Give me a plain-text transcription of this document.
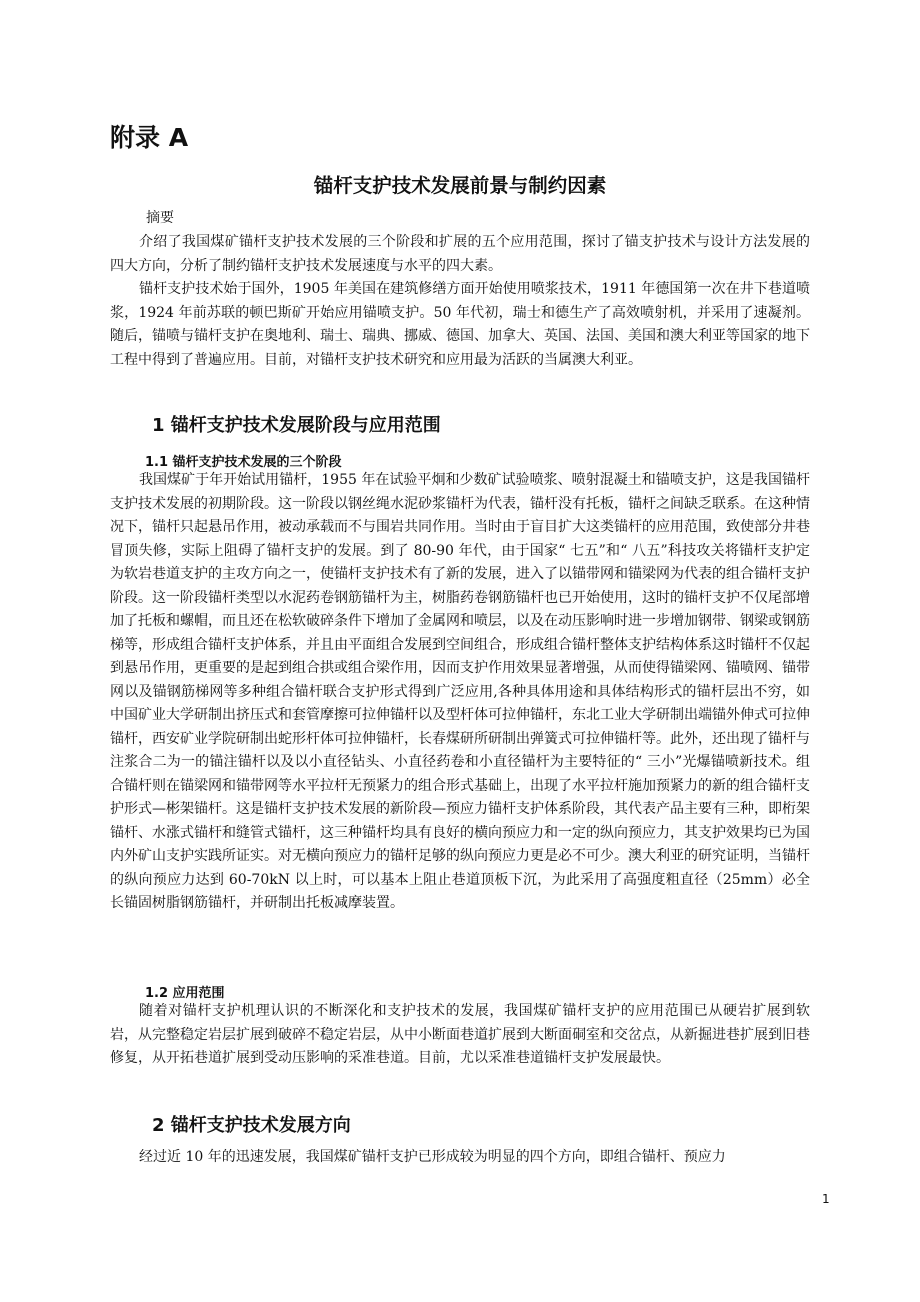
附录 A
锚杆支护技术发展前景与制约因素

摘要

介绍了我国煤矿锚杆支护技术发展的三个阶段和扩展的五个应用范围，探讨了锚支护技术与设计方法发展的四大方向，分析了制约锚杆支护技术发展速度与水平的四大素。

锚杆支护技术始于国外，1905 年美国在建筑修缮方面开始使用喷浆技术，1911 年德国第一次在井下巷道喷浆，1924 年前苏联的顿巴斯矿开始应用锚喷支护。50 年代初，瑞士和德生产了高效喷射机，并采用了速凝剂。随后，锚喷与锚杆支护在奥地利、瑞士、瑞典、挪威、德国、加拿大、英国、法国、美国和澳大利亚等国家的地下工程中得到了普遍应用。目前，对锚杆支护技术研究和应用最为活跃的当属澳大利亚。

1 锚杆支护技术发展阶段与应用范围
1.1 锚杆支护技术发展的三个阶段

我国煤矿于年开始试用锚杆，1955 年在试验平炯和少数矿试验喷浆、喷射混凝土和锚喷支护，这是我国锚杆支护技术发展的初期阶段。这一阶段以钢丝绳水泥砂浆锚杆为代表，锚杆没有托板，锚杆之间缺乏联系。在这种情况下，锚杆只起悬吊作用，被动承载而不与围岩共同作用。当时由于盲目扩大这类锚杆的应用范围，致使部分井巷冒顶失修，实际上阻碍了锚杆支护的发展。到了 80-90 年代，由于国家“ 七五”和“ 八五”科技攻关将锚杆支护定为软岩巷道支护的主攻方向之一，使锚杆支护技术有了新的发展，进入了以锚带网和锚梁网为代表的组合锚杆支护阶段。这一阶段锚杆类型以水泥药卷钢筋锚杆为主，树脂药卷钢筋锚杆也已开始使用，这时的锚杆支护不仅尾部增加了托板和螺帽，而且还在松软破碎条件下增加了金属网和喷层，以及在动压影响时进一步增加钢带、钢梁或钢筋梯等，形成组合锚杆支护体系，并且由平面组合发展到空间组合，形成组合锚杆整体支护结构体系这时锚杆不仅起到悬吊作用，更重要的是起到组合拱或组合梁作用，因而支护作用效果显著增强，从而使得锚梁网、锚喷网、锚带网以及锚钢筋梯网等多种组合锚杆联合支护形式得到广泛应用,各种具体用途和具体结构形式的锚杆层出不穷，如中国矿业大学研制出挤压式和套管摩擦可拉伸锚杆以及型杆体可拉伸锚杆，东北工业大学研制出端锚外伸式可拉伸锚杆，西安矿业学院研制出蛇形杆体可拉伸锚杆，长春煤研所研制出弹簧式可拉伸锚杆等。此外，还出现了锚杆与注浆合二为一的锚注锚杆以及以小直径钻头、小直径药卷和小直径锚杆为主要特征的“ 三小”光爆锚喷新技术。组合锚杆则在锚梁网和锚带网等水平拉杆无预紧力的组合形式基础上，出现了水平拉杆施加预紧力的新的组合锚杆支护形式—彬架锚杆。这是锚杆支护技术发展的新阶段—预应力锚杆支护体系阶段，其代表产品主要有三种，即桁架锚杆、水涨式锚杆和缝管式锚杆，这三种锚杆均具有良好的横向预应力和一定的纵向预应力，其支护效果均已为国内外矿山支护实践所证实。对无横向预应力的锚杆足够的纵向预应力更是必不可少。澳大利亚的研究证明，当锚杆的纵向预应力达到 60-70kN 以上时，可以基本上阻止巷道顶板下沉，为此采用了高强度粗直径（25mm）必全长锚固树脂钢筋锚杆，并研制出托板减摩装置。

1.2 应用范围

随着对锚杆支护机理认识的不断深化和支护技术的发展，我国煤矿锚杆支护的应用范围已从硬岩扩展到软岩，从完整稳定岩层扩展到破碎不稳定岩层，从中小断面巷道扩展到大断面硐室和交岔点，从新掘进巷扩展到旧巷修复，从开拓巷道扩展到受动压影响的采准巷道。目前，尤以采准巷道锚杆支护发展最快。

2 锚杆支护技术发展方向

经过近 10 年的迅速发展，我国煤矿锚杆支护已形成较为明显的四个方向，即组合锚杆、预应力

1
